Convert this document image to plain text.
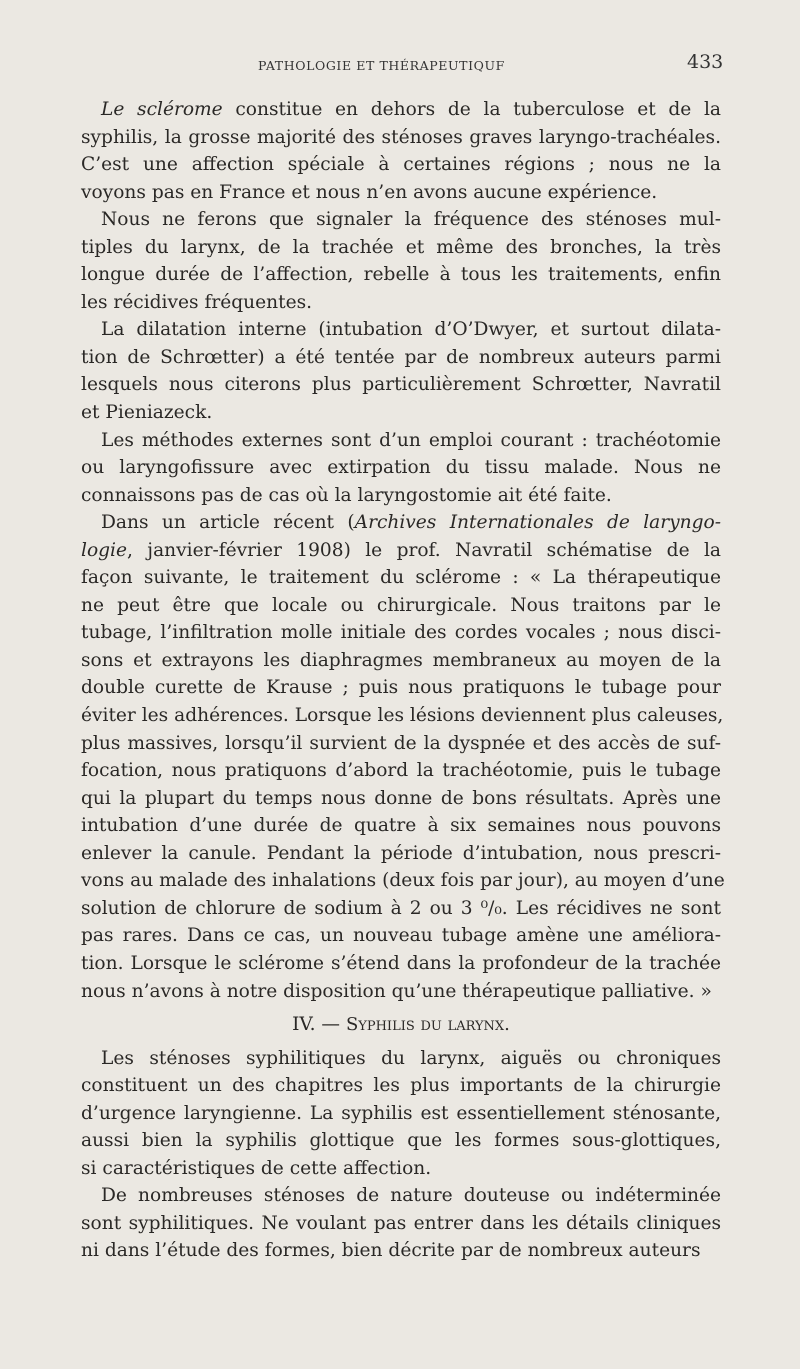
PATHOLOGIE ET THÉRAPEUTIQUF	433
Le sclérome constitue en dehors de la tuberculose et de la
syphilis, la grosse majorité des sténoses graves laryngo-trachéales.
C’est une affection spéciale à certaines régions ; nous ne la
voyons pas en France et nous n’en avons aucune expérience.
Nous ne ferons que signaler la fréquence des sténoses mul-
tiples du larynx, de la trachée et même des bronches, la très
longue durée de l’affection, rebelle à tous les traitements, enfin
les récidives fréquentes.
La dilatation interne (intubation d’O’Dwyer, et surtout dilata-
tion de Schrœtter) a été tentée par de nombreux auteurs parmi
lesquels nous citerons plus particulièrement Schrœtter, Navratil
et Pieniazeck.
Les méthodes externes sont d’un emploi courant : trachéotomie
ou laryngofissure avec extirpation du tissu malade. Nous ne
connaissons pas de cas où la laryngostomie ait été faite.
Dans un article récent (Archives Internationales de laryngo-
logie, janvier-février 1908) le prof. Navratil schématise de la
façon suivante, le traitement du sclérome : « La thérapeutique
ne peut être que locale ou chirurgicale. Nous traitons par le
tubage, l’infiltration molle initiale des cordes vocales ; nous disci-
sons et extrayons les diaphragmes membraneux au moyen de la
double curette de Krause ; puis nous pratiquons le tubage pour
éviter les adhérences. Lorsque les lésions deviennent plus caleuses,
plus massives, lorsqu’il survient de la dyspnée et des accès de suf-
focation, nous pratiquons d’abord la trachéotomie, puis le tubage
qui la plupart du temps nous donne de bons résultats. Après une
intubation d’une durée de quatre à six semaines nous pouvons
enlever la canule. Pendant la période d’intubation, nous prescri-
vons au malade des inhalations (deux fois par jour), au moyen d’une
solution de chlorure de sodium à 2 ou 3 ⁰/₀. Les récidives ne sont
pas rares. Dans ce cas, un nouveau tubage amène une améliora-
tion. Lorsque le sclérome s’étend dans la profondeur de la trachée
nous n’avons à notre disposition qu’une thérapeutique palliative. »
IV. — Syphilis du larynx.
Les sténoses syphilitiques du larynx, aiguës ou chroniques
constituent un des chapitres les plus importants de la chirurgie
d’urgence laryngienne. La syphilis est essentiellement sténosante,
aussi bien la syphilis glottique que les formes sous-glottiques,
si caractéristiques de cette affection.
De nombreuses sténoses de nature douteuse ou indéterminée
sont syphilitiques. Ne voulant pas entrer dans les détails cliniques
ni dans l’étude des formes, bien décrite par de nombreux auteurs
